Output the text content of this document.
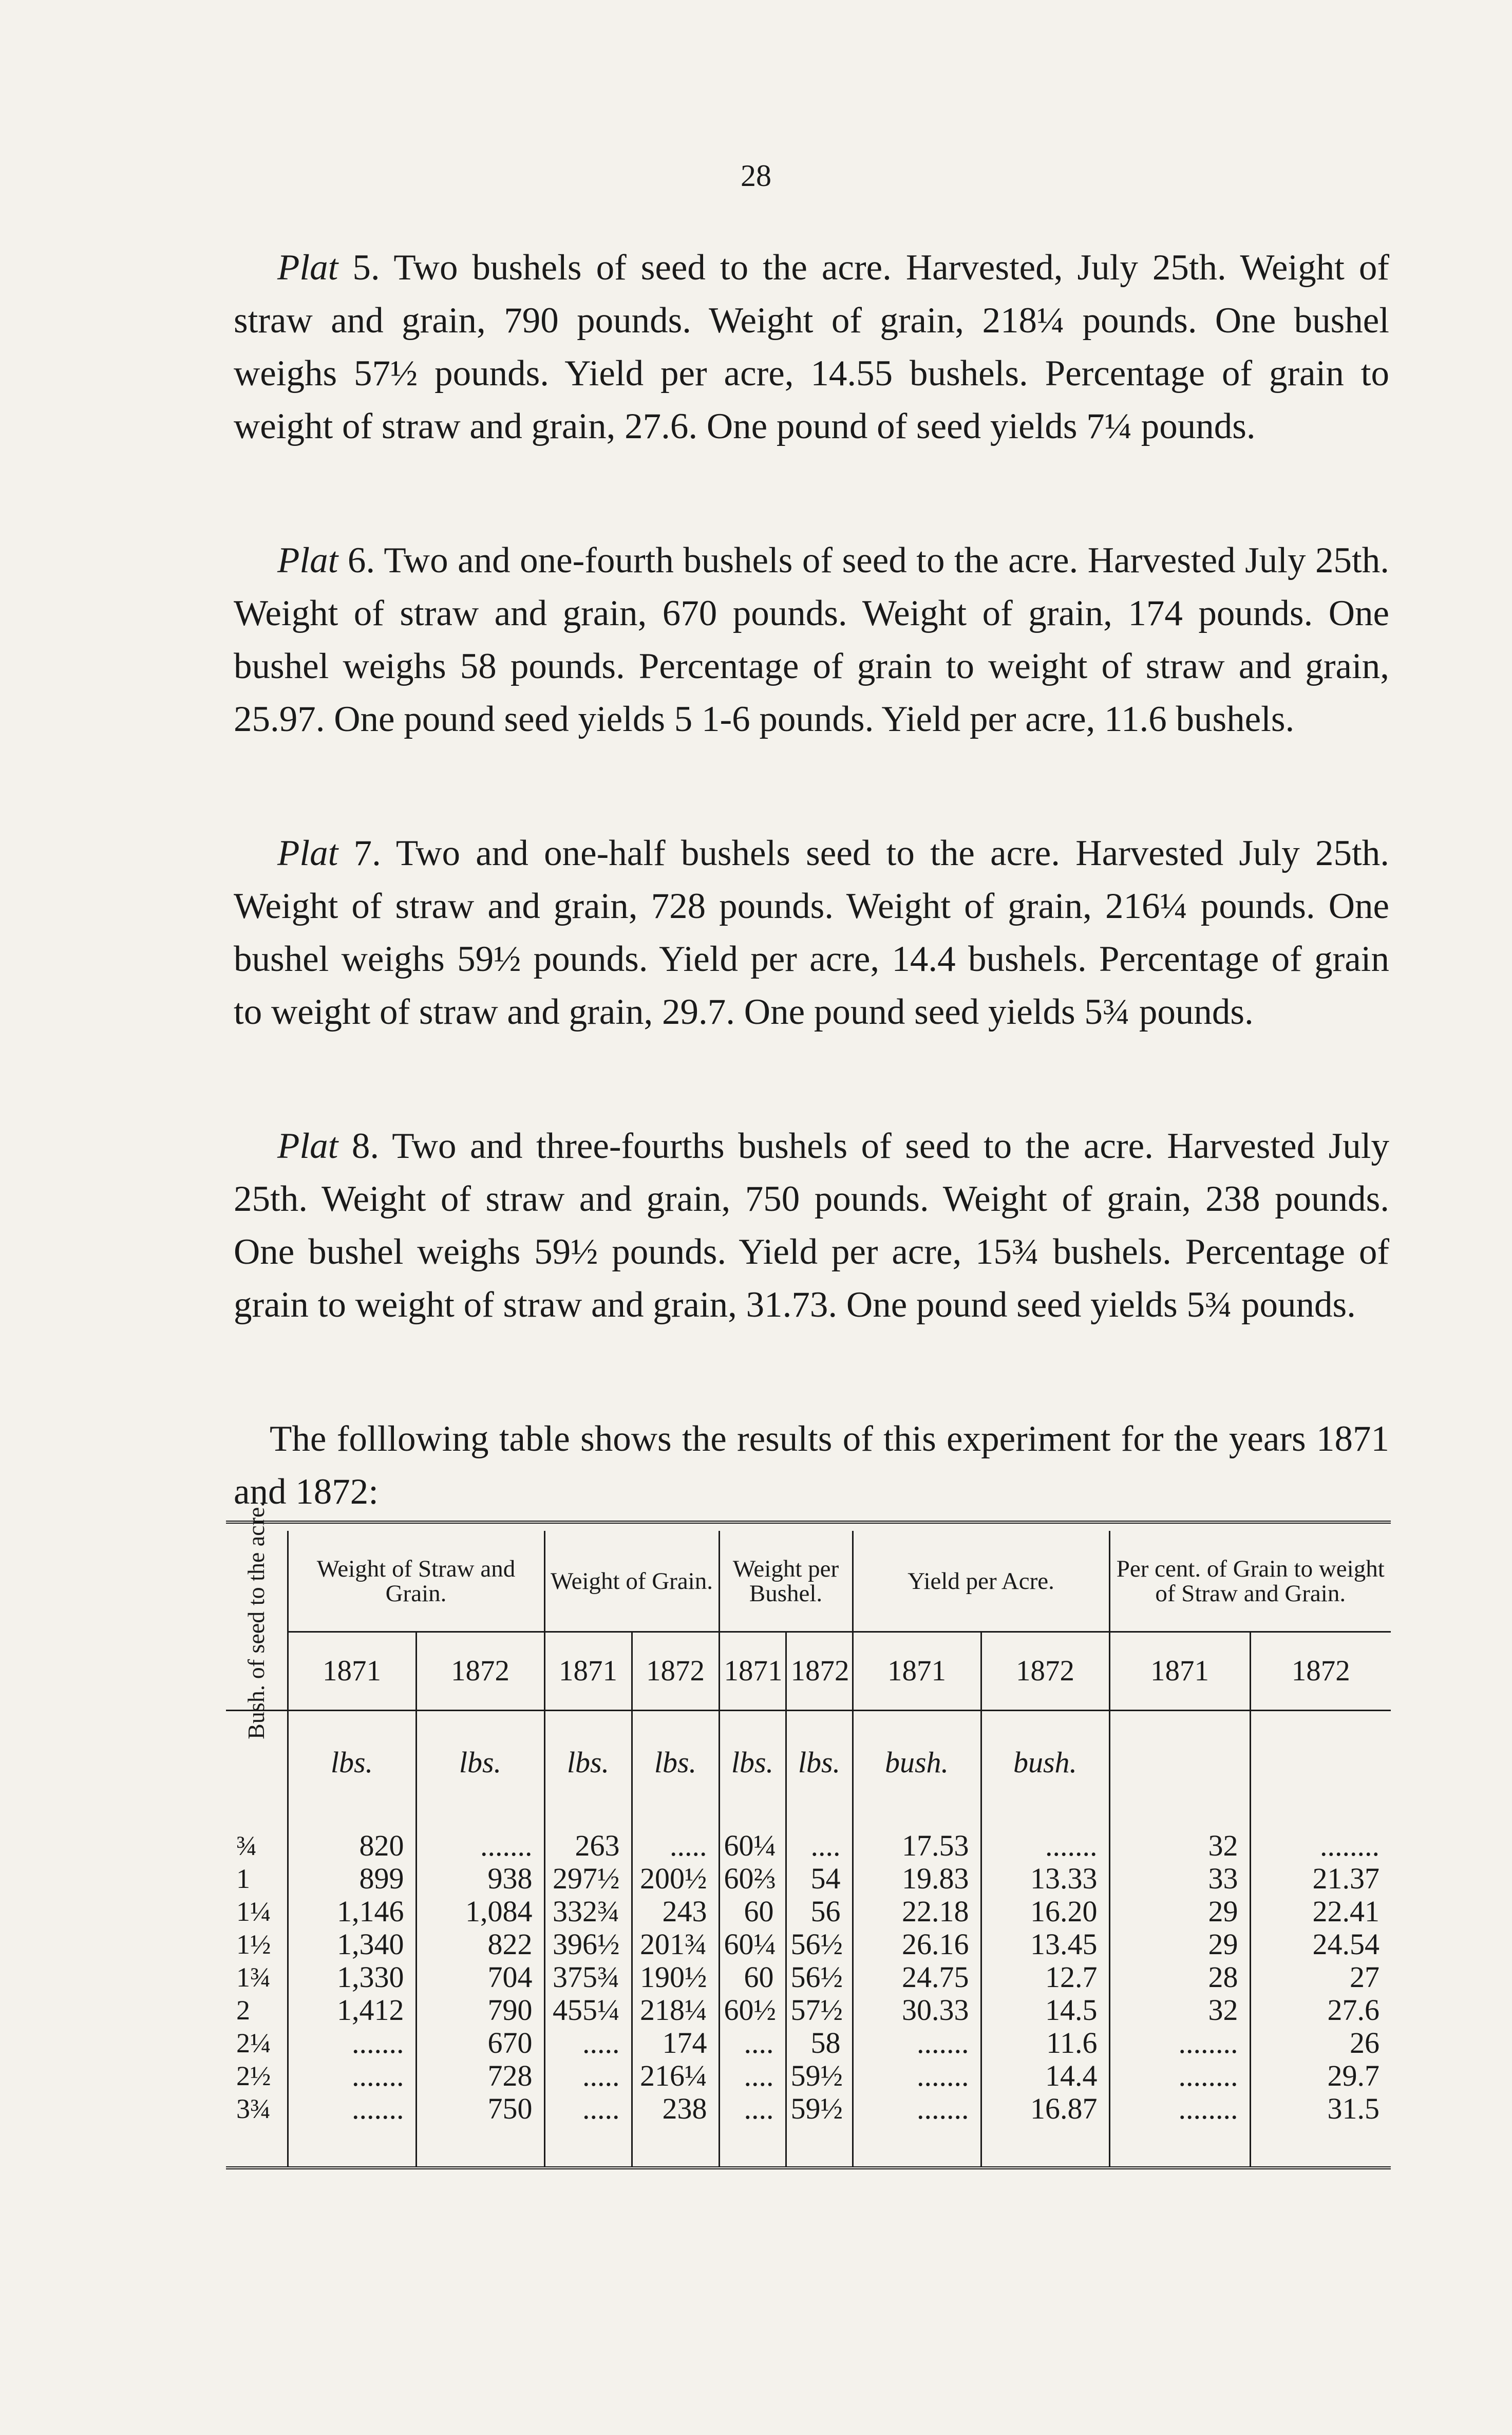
28

Plat 5. Two bushels of seed to the acre. Harvested, July 25th. Weight of straw and grain, 790 pounds. Weight of grain, 218¼ pounds. One bushel weighs 57½ pounds. Yield per acre, 14.55 bushels. Percentage of grain to weight of straw and grain, 27.6. One pound of seed yields 7¼ pounds.

Plat 6. Two and one-fourth bushels of seed to the acre. Harvested July 25th. Weight of straw and grain, 670 pounds. Weight of grain, 174 pounds. One bushel weighs 58 pounds. Percentage of grain to weight of straw and grain, 25.97. One pound seed yields 5 1-6 pounds. Yield per acre, 11.6 bushels.

Plat 7. Two and one-half bushels seed to the acre. Harvested July 25th. Weight of straw and grain, 728 pounds. Weight of grain, 216¼ pounds. One bushel weighs 59½ pounds. Yield per acre, 14.4 bushels. Percentage of grain to weight of straw and grain, 29.7. One pound seed yields 5¾ pounds.

Plat 8. Two and three-fourths bushels of seed to the acre. Harvested July 25th. Weight of straw and grain, 750 pounds. Weight of grain, 238 pounds. One bushel weighs 59½ pounds. Yield per acre, 15¾ bushels. Percentage of grain to weight of straw and grain, 31.73. One pound seed yields 5¾ pounds.

The folllowing table shows the results of this experiment for the years 1871 and 1872:

Bush. of seed to the acre.	Weight of Straw and Grain.		Weight of Grain.		Weight per Bushel.		Yield per Acre.		Per cent. of Grain to weight of Straw and Grain.	
	1871	1872	1871	1872	1871	1872	1871	1872	1871	1872
	lbs.	lbs.	lbs.	lbs.	lbs.	lbs.	bush.	bush.		
¾	820	.......	263	.....	60¼	....	17.53	.......	32	........
1	899	938	297½	200½	60⅔	54	19.83	13.33	33	21.37
1¼	1,146	1,084	332¾	243	60	56	22.18	16.20	29	22.41
1½	1,340	822	396½	201¾	60¼	56½	26.16	13.45	29	24.54
1¾	1,330	704	375¾	190½	60	56½	24.75	12.7	28	27
2	1,412	790	455¼	218¼	60½	57½	30.33	14.5	32	27.6
2¼	.......	670	.....	174	....	58	.......	11.6	........	26
2½	.......	728	.....	216¼	....	59½	.......	14.4	........	29.7
3¾	.......	750	.....	238	....	59½	.......	16.87	........	31.5
